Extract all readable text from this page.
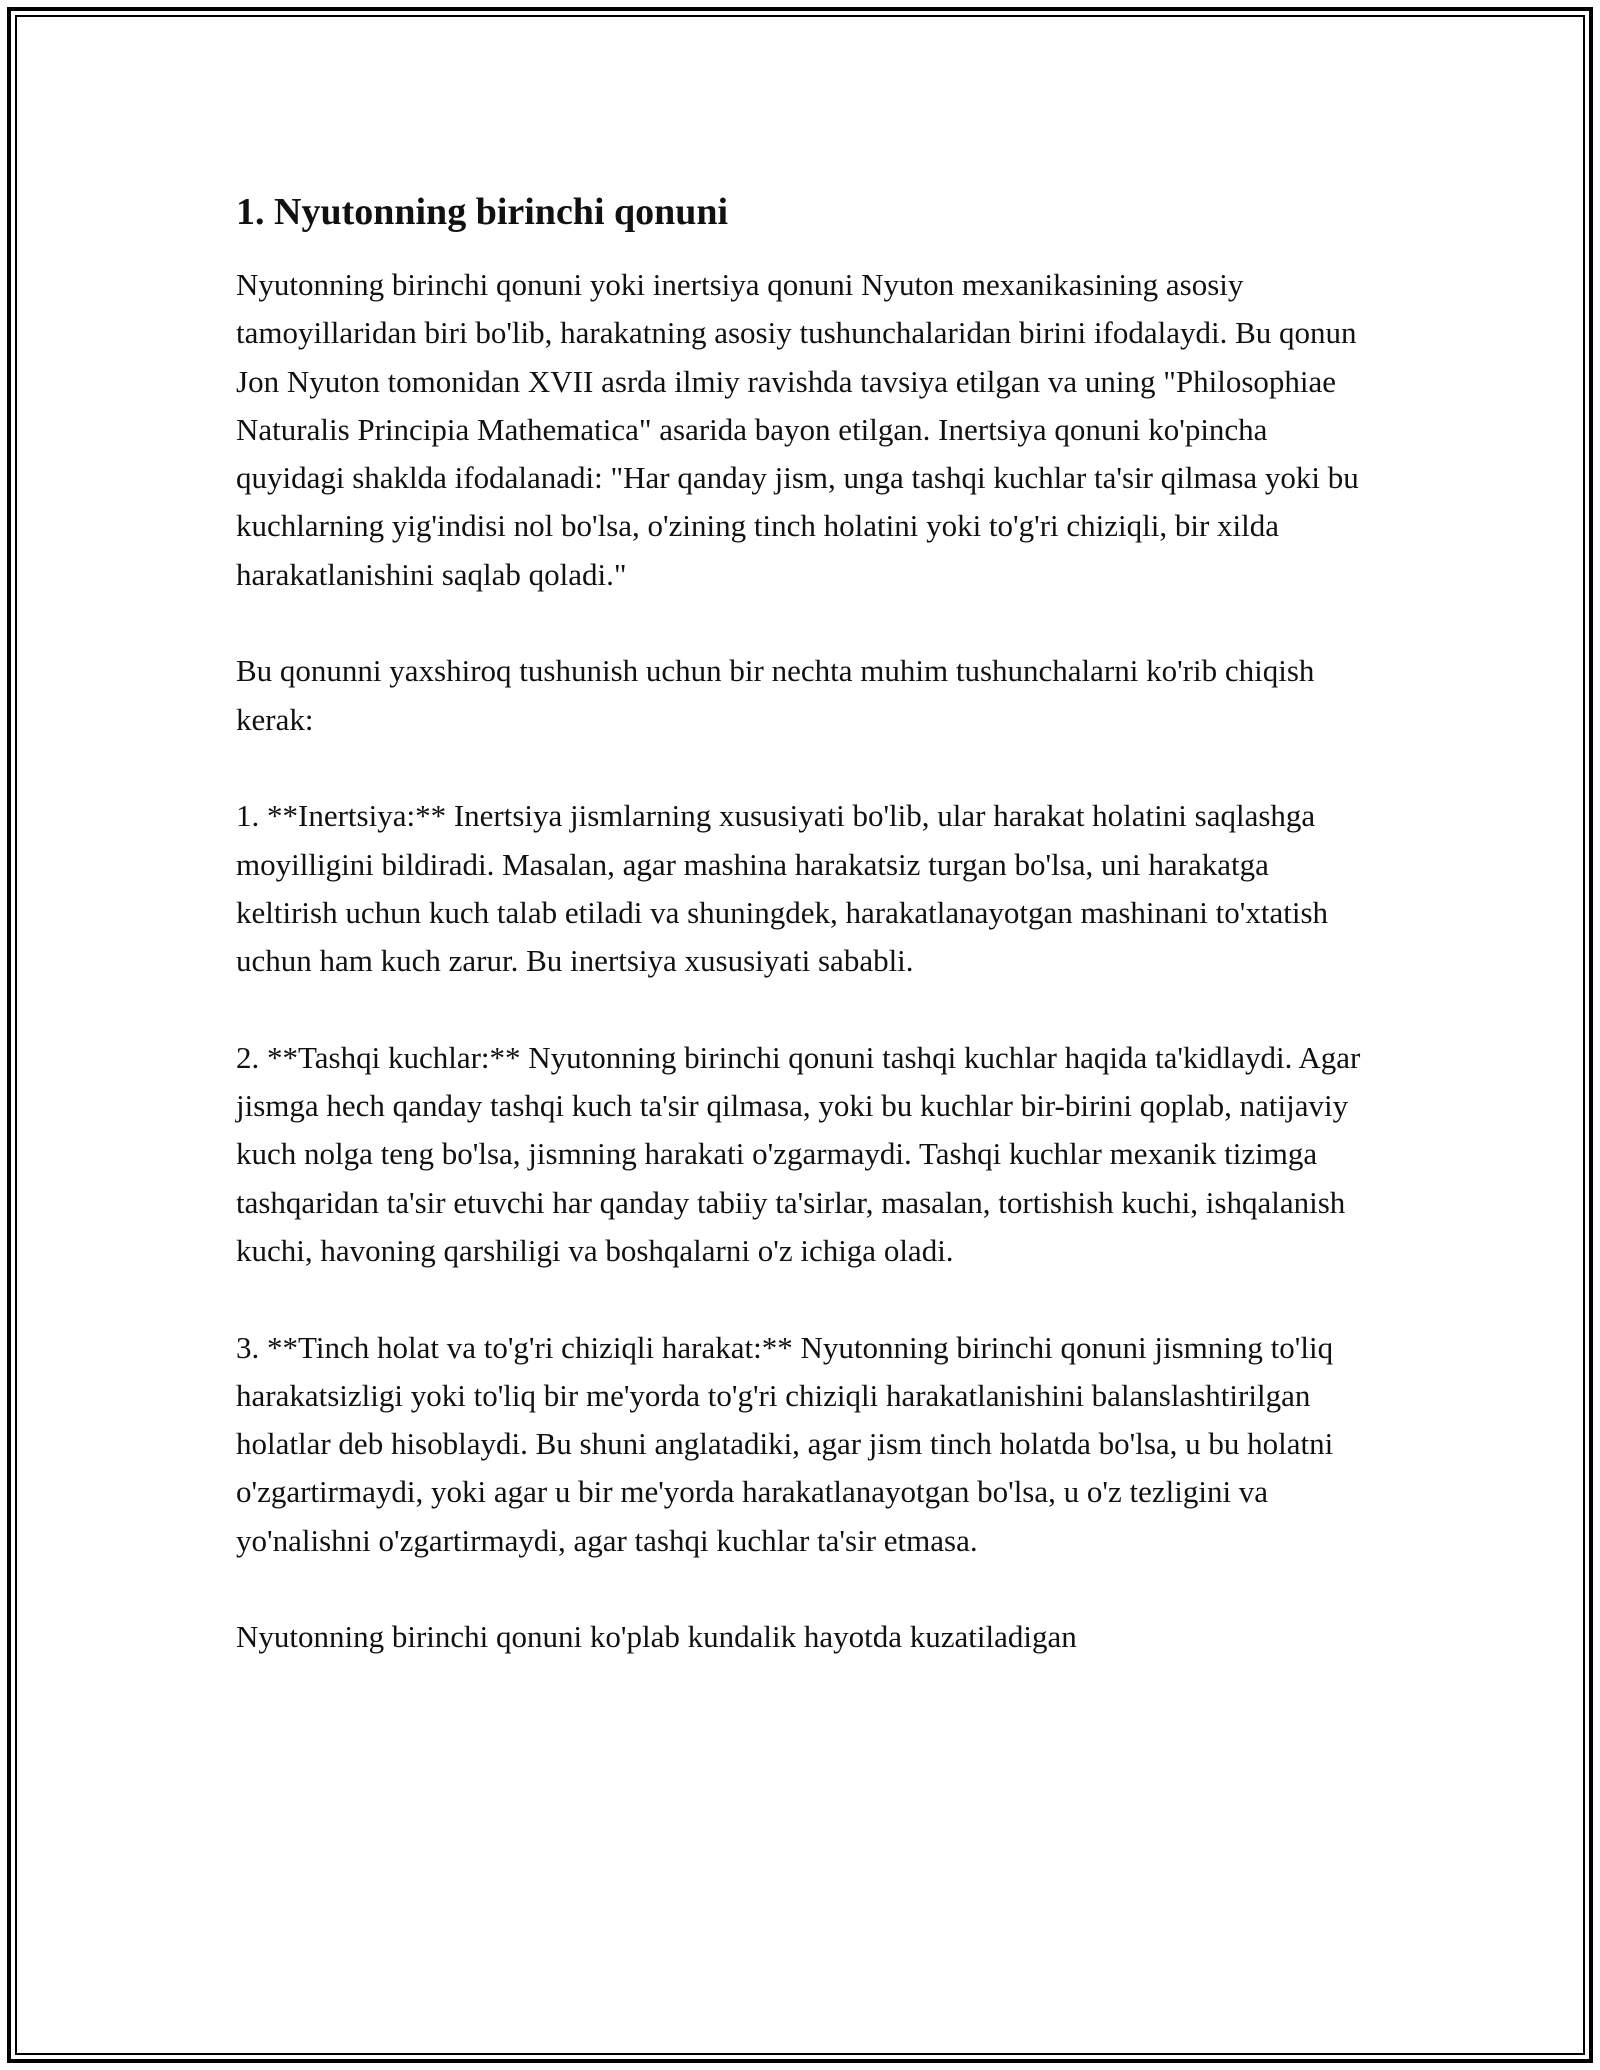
1. Nyutonning birinchi qonuni

Nyutonning birinchi qonuni yoki inertsiya qonuni Nyuton mexanikasining asosiy tamoyillaridan biri bo'lib, harakatning asosiy tushunchalaridan birini ifodalaydi. Bu qonun Jon Nyuton tomonidan XVII asrda ilmiy ravishda tavsiya etilgan va uning "Philosophiae Naturalis Principia Mathematica" asarida bayon etilgan. Inertsiya qonuni ko'pincha quyidagi shaklda ifodalanadi: "Har qanday jism, unga tashqi kuchlar ta'sir qilmasa yoki bu kuchlarning yig'indisi nol bo'lsa, o'zining tinch holatini yoki to'g'ri chiziqli, bir xilda harakatlanishini saqlab qoladi."

Bu qonunni yaxshiroq tushunish uchun bir nechta muhim tushunchalarni ko'rib chiqish kerak:

1. **Inertsiya:** Inertsiya jismlarning xususiyati bo'lib, ular harakat holatini saqlashga moyilligini bildiradi. Masalan, agar mashina harakatsiz turgan bo'lsa, uni harakatga keltirish uchun kuch talab etiladi va shuningdek, harakatlanayotgan mashinani to'xtatish uchun ham kuch zarur. Bu inertsiya xususiyati sababli.

2. **Tashqi kuchlar:** Nyutonning birinchi qonuni tashqi kuchlar haqida ta'kidlaydi. Agar jismga hech qanday tashqi kuch ta'sir qilmasa, yoki bu kuchlar bir-birini qoplab, natijaviy kuch nolga teng bo'lsa, jismning harakati o'zgarmaydi. Tashqi kuchlar mexanik tizimga tashqaridan ta'sir etuvchi har qanday tabiiy ta'sirlar, masalan, tortishish kuchi, ishqalanish kuchi, havoning qarshiligi va boshqalarni o'z ichiga oladi.

3. **Tinch holat va to'g'ri chiziqli harakat:** Nyutonning birinchi qonuni jismning to'liq harakatsizligi yoki to'liq bir me'yorda to'g'ri chiziqli harakatlanishini balanslashtirilgan holatlar deb hisoblaydi. Bu shuni anglatadiki, agar jism tinch holatda bo'lsa, u bu holatni o'zgartirmaydi, yoki agar u bir me'yorda harakatlanayotgan bo'lsa, u o'z tezligini va yo'nalishni o'zgartirmaydi, agar tashqi kuchlar ta'sir etmasa.

Nyutonning birinchi qonuni ko'plab kundalik hayotda kuzatiladigan
